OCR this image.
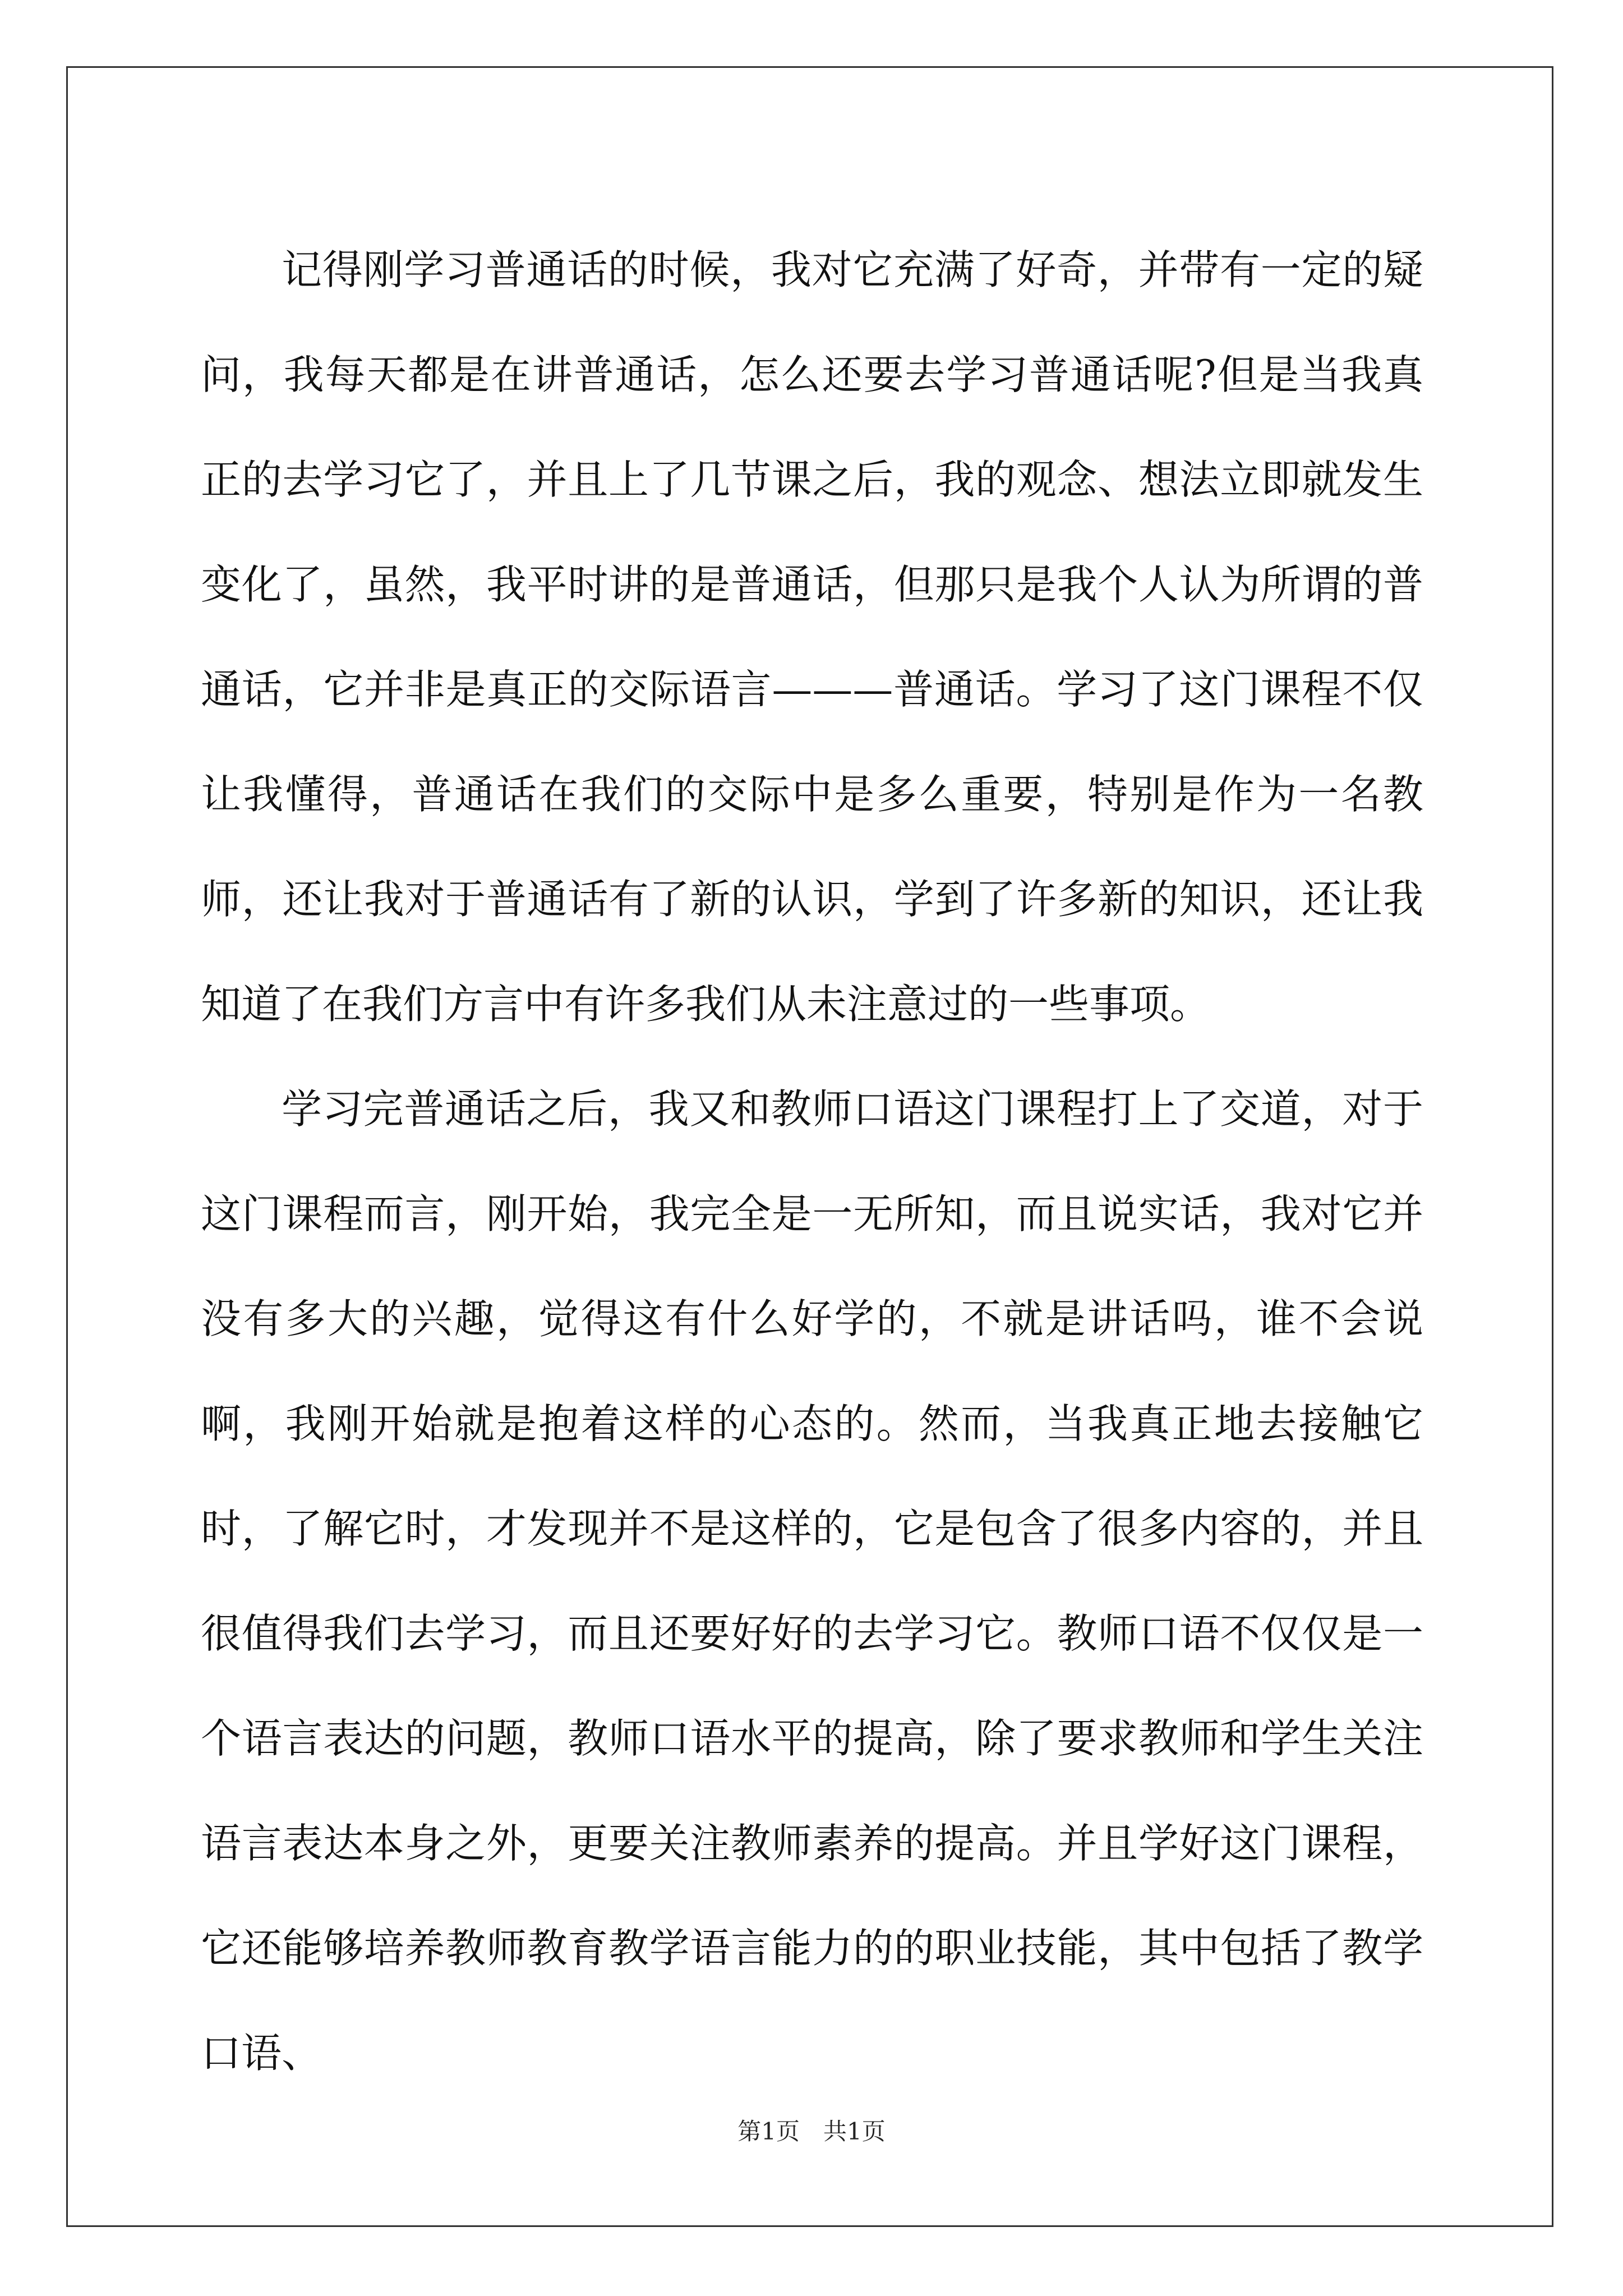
记得刚学习普通话的时候，我对它充满了好奇，并带有一定的疑问，我每天都是在讲普通话，怎么还要去学习普通话呢?但是当我真正的去学习它了，并且上了几节课之后，我的观念、想法立即就发生变化了，虽然，我平时讲的是普通话，但那只是我个人认为所谓的普通话，它并非是真正的交际语言———普通话。学习了这门课程不仅让我懂得，普通话在我们的交际中是多么重要，特别是作为一名教师，还让我对于普通话有了新的认识，学到了许多新的知识，还让我知道了在我们方言中有许多我们从未注意过的一些事项。

学习完普通话之后，我又和教师口语这门课程打上了交道，对于这门课程而言，刚开始，我完全是一无所知，而且说实话，我对它并没有多大的兴趣，觉得这有什么好学的，不就是讲话吗，谁不会说啊，我刚开始就是抱着这样的心态的。然而，当我真正地去接触它时，了解它时，才发现并不是这样的，它是包含了很多内容的，并且很值得我们去学习，而且还要好好的去学习它。教师口语不仅仅是一个语言表达的问题，教师口语水平的提高，除了要求教师和学生关注语言表达本身之外，更要关注教师素养的提高。并且学好这门课程，它还能够培养教师教育教学语言能力的的职业技能，其中包括了教学口语、

第1页　共1页
